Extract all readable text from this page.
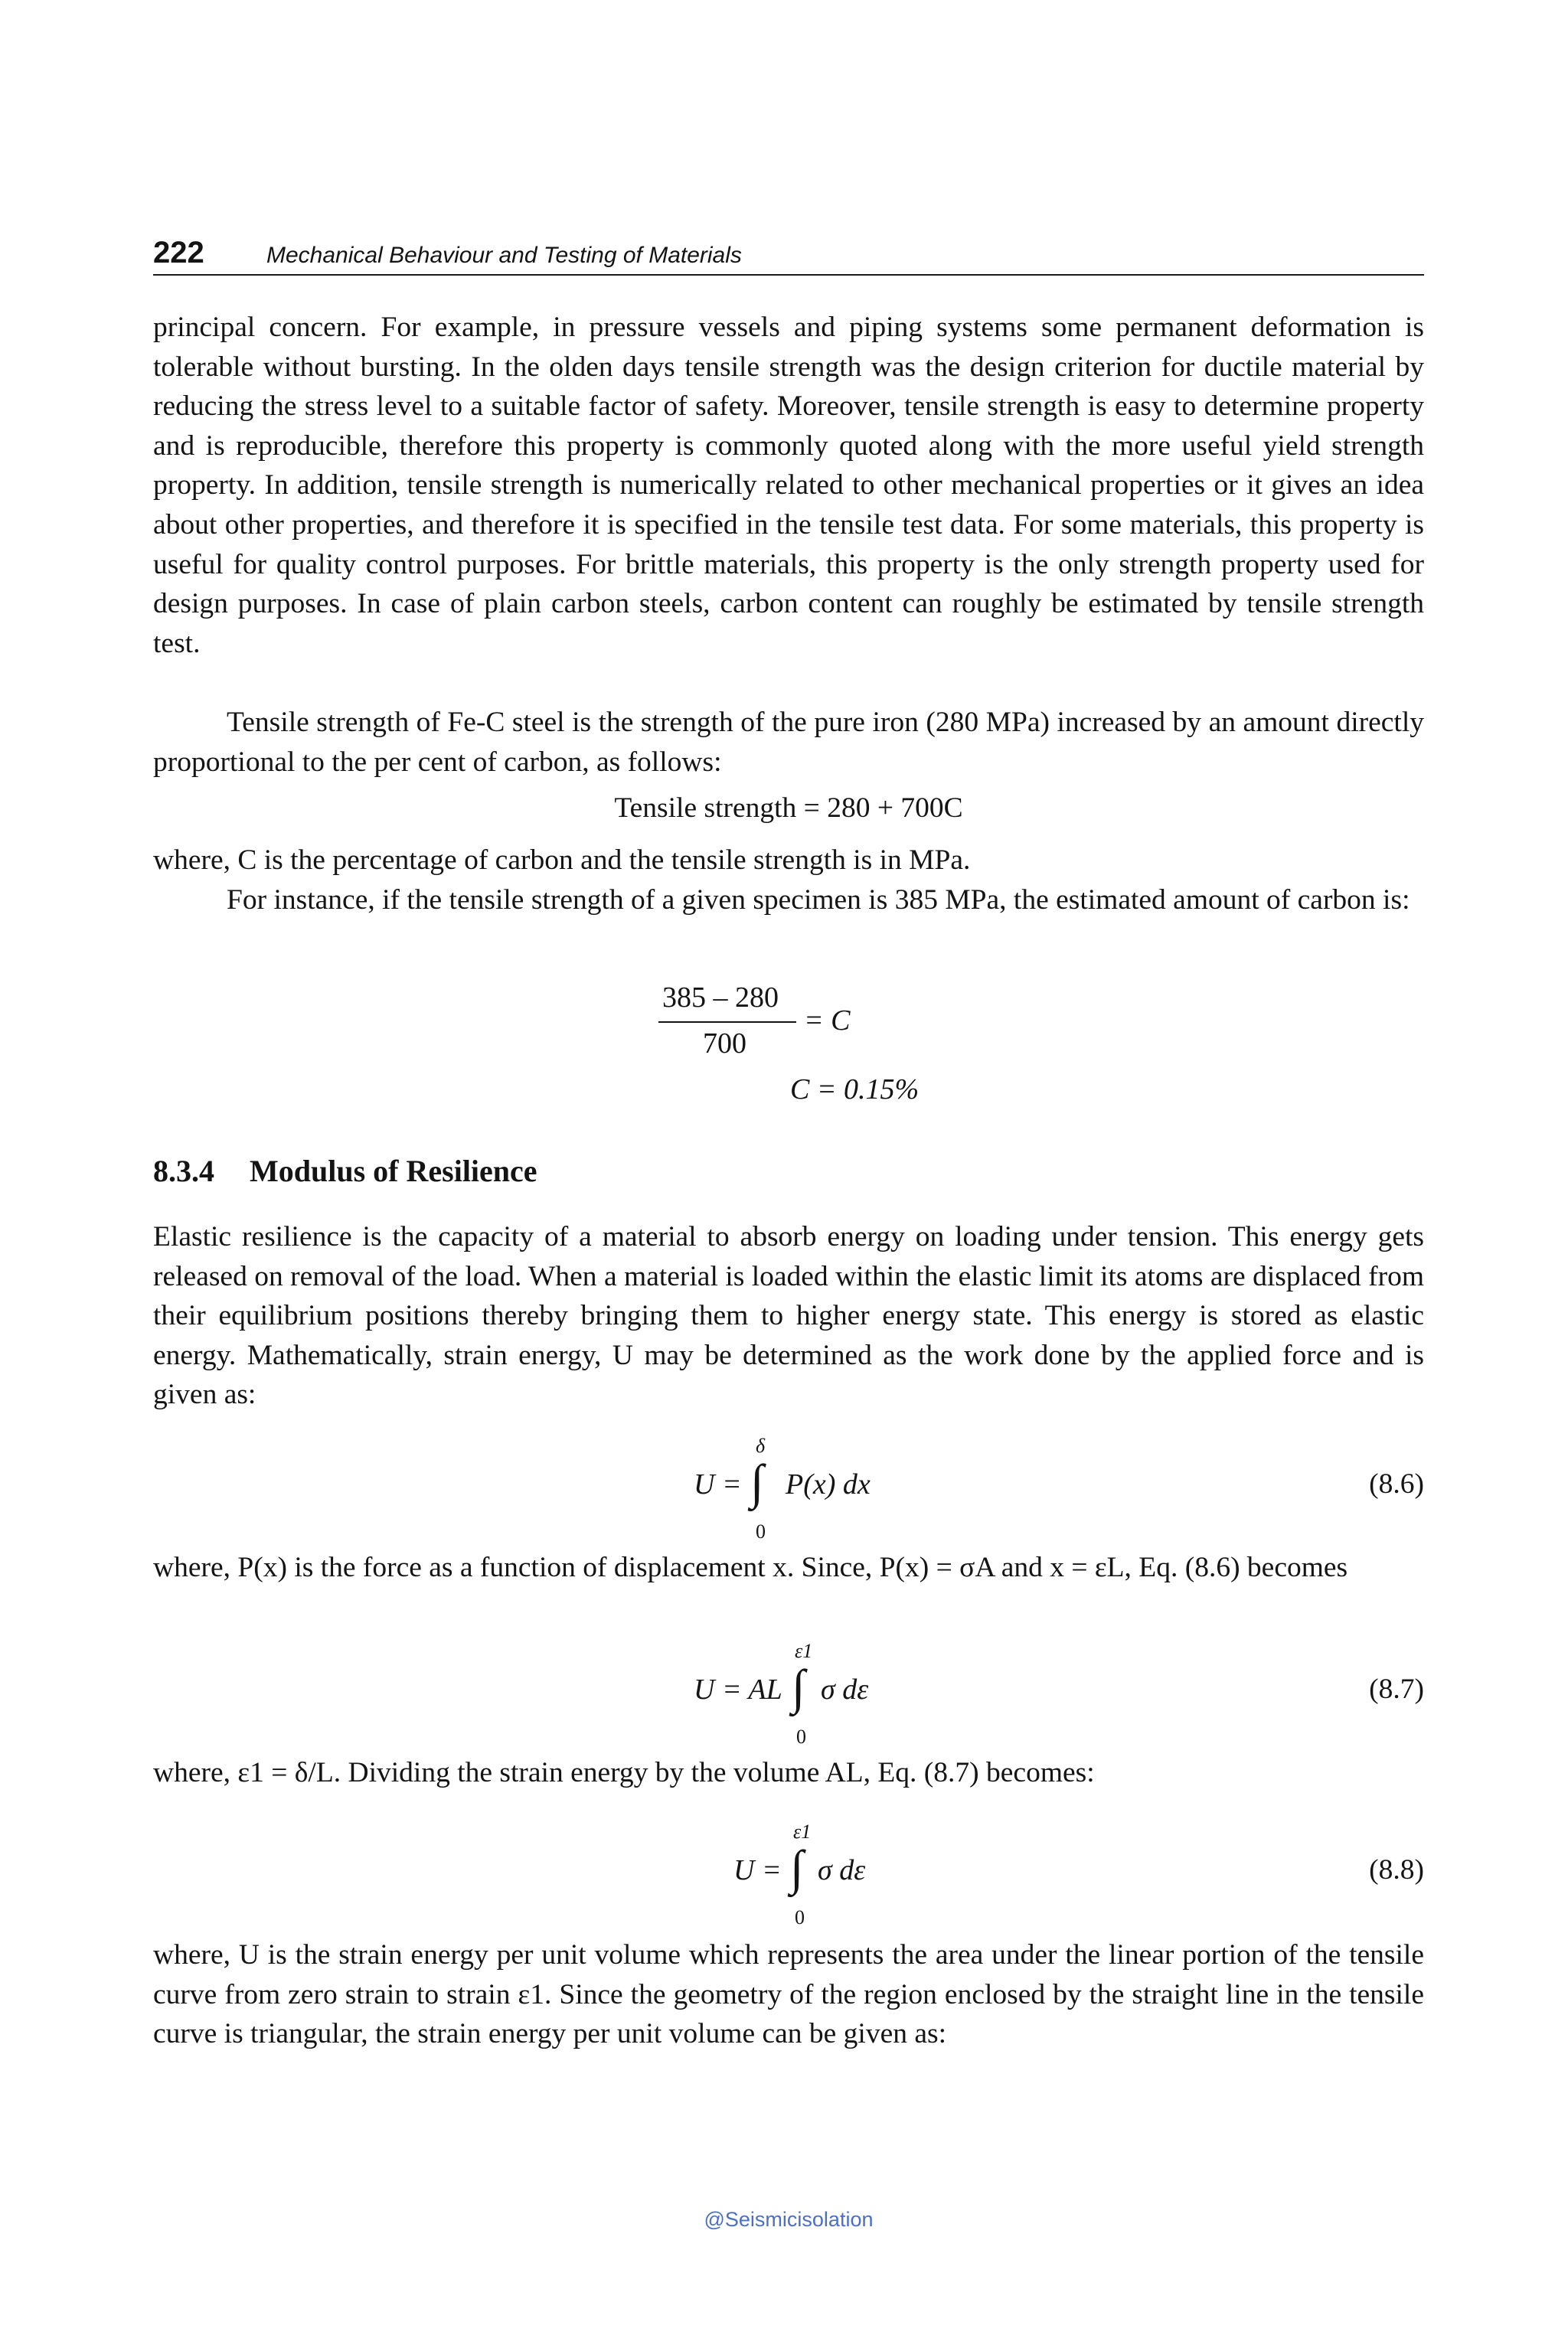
222	Mechanical Behaviour and Testing of Materials

principal concern. For example, in pressure vessels and piping systems some permanent deformation is tolerable without bursting. In the olden days tensile strength was the design criterion for ductile material by reducing the stress level to a suitable factor of safety. Moreover, tensile strength is easy to determine property and is reproducible, therefore this property is commonly quoted along with the more useful yield strength property. In addition, tensile strength is numerically related to other mechanical properties or it gives an idea about other properties, and therefore it is specified in the tensile test data. For some materials, this property is useful for quality control purposes. For brittle materials, this property is the only strength property used for design purposes. In case of plain carbon steels, carbon content can roughly be estimated by tensile strength test.

Tensile strength of Fe-C steel is the strength of the pure iron (280 MPa) increased by an amount directly proportional to the per cent of carbon, as follows:

Tensile strength = 280 + 700C

where, C is the percentage of carbon and the tensile strength is in MPa.

For instance, if the tensile strength of a given specimen is 385 MPa, the estimated amount of carbon is:

385 – 280
700
= C
C = 0.15%
8.3.4 Modulus of Resilience

Elastic resilience is the capacity of a material to absorb energy on loading under tension. This energy gets released on removal of the load. When a material is loaded within the elastic limit its atoms are displaced from their equilibrium positions thereby bringing them to higher energy state. This energy is stored as elastic energy. Mathematically, strain energy, U may be determined as the work done by the applied force and is given as:

U =
δ
∫
0
P(x) dx	(8.6)

where, P(x) is the force as a function of displacement x. Since, P(x) = σA and x = εL, Eq. (8.6) becomes

U = AL
ε1
∫
0
σ dε	(8.7)

where, ε1 = δ/L. Dividing the strain energy by the volume AL, Eq. (8.7) becomes:

U =
ε1
∫
0
σ dε	(8.8)

where, U is the strain energy per unit volume which represents the area under the linear portion of the tensile curve from zero strain to strain ε1. Since the geometry of the region enclosed by the straight line in the tensile curve is triangular, the strain energy per unit volume can be given as:

@Seismicisolation
